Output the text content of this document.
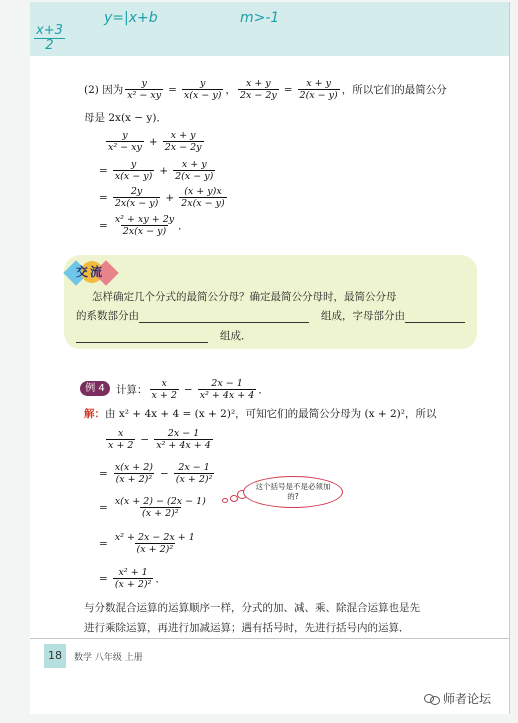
x+3
2
y=|x+b	m>-1
(2) 因为 $\frac{y}{\text{x² − xy}} = \frac{y}{x(x - y)}$ ， $\frac{x + y}{2x - 2y} = \frac{x + y}{2(x - y)}$ ，所以它们的最简公分
母是 2x(x − y)．
$\frac{y}{\text{x² − xy}} + \frac{x + y}{2x - 2y}$
= $\frac{y}{x(x - y)} + \frac{x + y}{2(x - y)}$
= $\frac{2y}{2x(x - y)} + \frac{(x + y)x}{2x(x - y)}$
= $\frac{\text{x² + xy + 2y}}{2x(x - y)}$ ．
交流
怎样确定几个分式的最简公分母？确定最简公分母时，最简公分母
的系数部分由	组成，字母部分由
组成．
例 4	计算： $\frac{x}{x + 2} - \frac{2x - 1}{\text{x² + 4x + 4}}$ ．
解： 由 x² + 4x + 4 = (x + 2)²，可知它们的最简公分母为 (x + 2)²，所以
$\frac{x}{x + 2} - \frac{2x - 1}{\text{x² + 4x + 4}}$
= $\frac{x(x + 2)}{\text{(x + 2)²}} - \frac{2x - 1}{\text{(x + 2)²}}$
= $\frac{x(x + 2) - (2x - 1)}{\text{(x + 2)²}}$
= $\frac{\text{x² + 2x − 2x + 1}}{\text{(x + 2)²}}$
= $\frac{\text{x² + 1}}{\text{(x + 2)²}}$ ．
这个括号是不是必须加的?
与分数混合运算的运算顺序一样，分式的加、减、乘、除混合运算也是先
进行乘除运算，再进行加减运算；遇有括号时，先进行括号内的运算．
18	数学 八年级 上册
师者论坛
